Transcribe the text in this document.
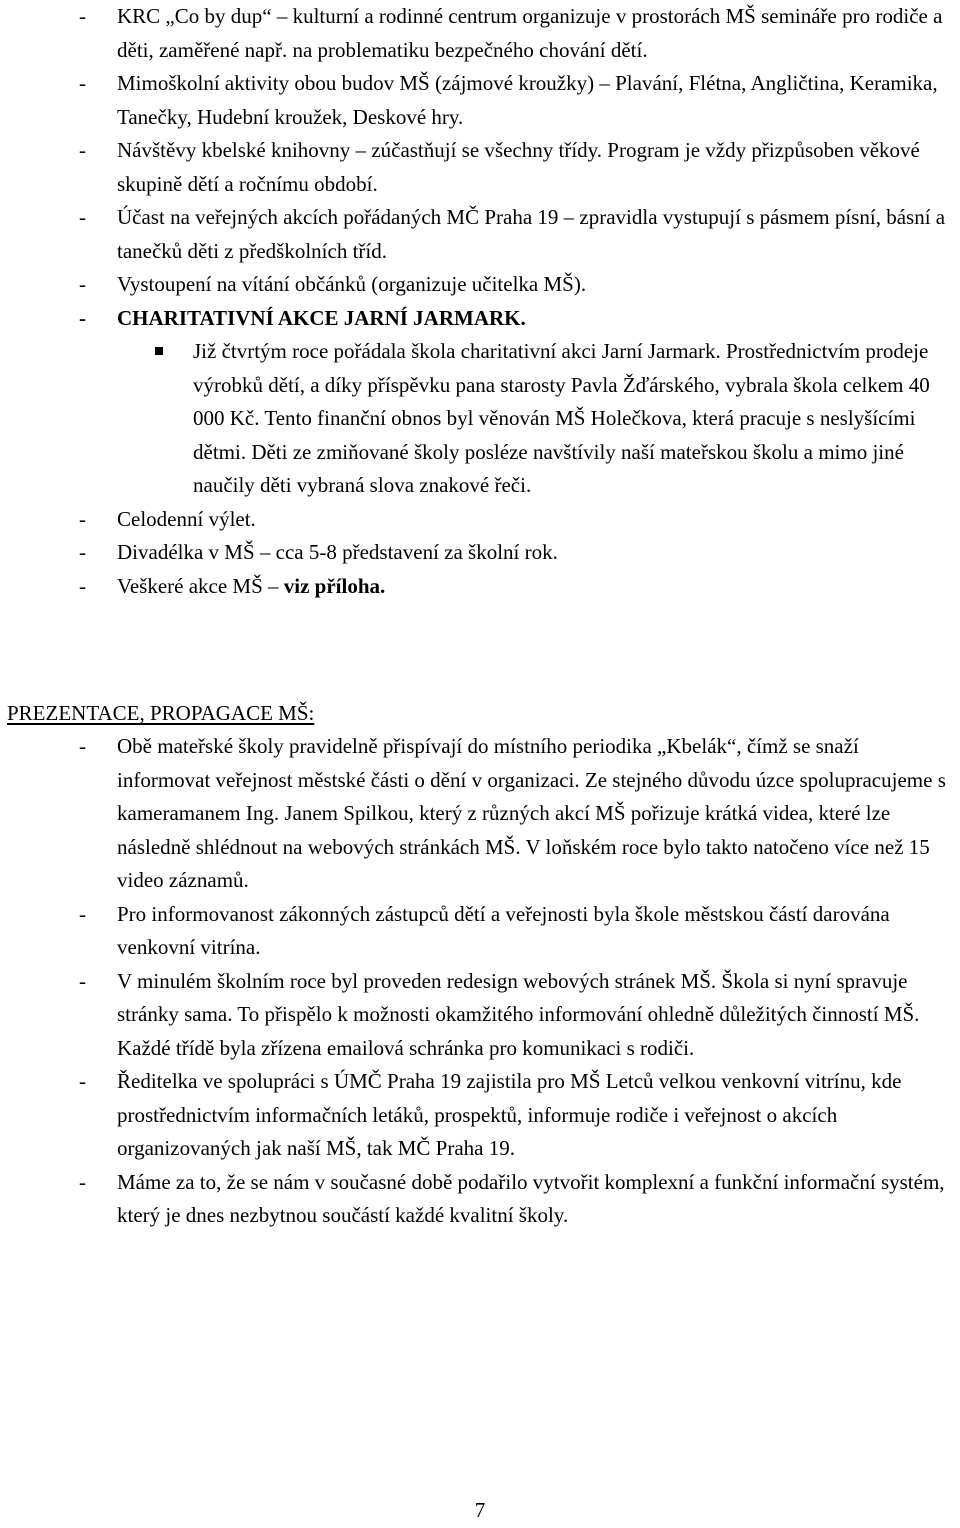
- KRC „Co by dup“ – kulturní a rodinné centrum organizuje v prostorách MŠ semináře pro rodiče a děti, zaměřené např. na problematiku bezpečného chování dětí.
- Mimoškolní aktivity obou budov MŠ (zájmové kroužky) – Plavání, Flétna, Angličtina, Keramika, Tanečky, Hudební kroužek, Deskové hry.
- Návštěvy kbelské knihovny – zúčastňují se všechny třídy. Program je vždy přizpůsoben věkové skupině dětí a ročnímu období.
- Účast na veřejných akcích pořádaných MČ Praha 19 – zpravidla vystupují s pásmem písní, básní a tanečků děti z předškolních tříd.
- Vystoupení na vítání občánků (organizuje učitelka MŠ).
- CHARITATIVNÍ AKCE JARNÍ JARMARK.
Již čtvrtým roce pořádala škola charitativní akci Jarní Jarmark. Prostřednictvím prodeje výrobků dětí, a díky příspěvku pana starosty Pavla Žďárského, vybrala škola celkem 40 000 Kč. Tento finanční obnos byl věnován MŠ Holečkova, která pracuje s neslyšícími dětmi. Děti ze zmiňované školy posléze navštívily naší mateřskou školu a mimo jiné naučily děti vybraná slova znakové řeči.
- Celodenní výlet.
- Divadélka v MŠ – cca 5-8 představení za školní rok.
- Veškeré akce MŠ – viz příloha.
PREZENTACE, PROPAGACE MŠ:
- Obě mateřské školy pravidelně přispívají do místního periodika „Kbelák“, čímž se snaží informovat veřejnost městské části o dění v organizaci. Ze stejného důvodu úzce spolupracujeme s kameramanem Ing. Janem Spilkou, který z různých akcí MŠ pořizuje krátká videa, které lze následně shlédnout na webových stránkách MŠ. V loňském roce bylo takto natočeno více než 15 video záznamů.
- Pro informovanost zákonných zástupců dětí a veřejnosti byla škole městskou částí darována venkovní vitrína.
- V minulém školním roce byl proveden redesign webových stránek MŠ. Škola si nyní spravuje stránky sama. To přispělo k možnosti okamžitého informování ohledně důležitých činností MŠ. Každé třídě byla zřízena emailová schránka pro komunikaci s rodiči.
- Ředitelka ve spolupráci s ÚMČ Praha 19 zajistila pro MŠ Letců velkou venkovní vitrínu, kde prostřednictvím informačních letáků, prospektů, informuje rodiče i veřejnost o akcích organizovaných jak naší MŠ, tak MČ Praha 19.
- Máme za to, že se nám v současné době podařilo vytvořit komplexní a funkční informační systém, který je dnes nezbytnou součástí každé kvalitní školy.
7
